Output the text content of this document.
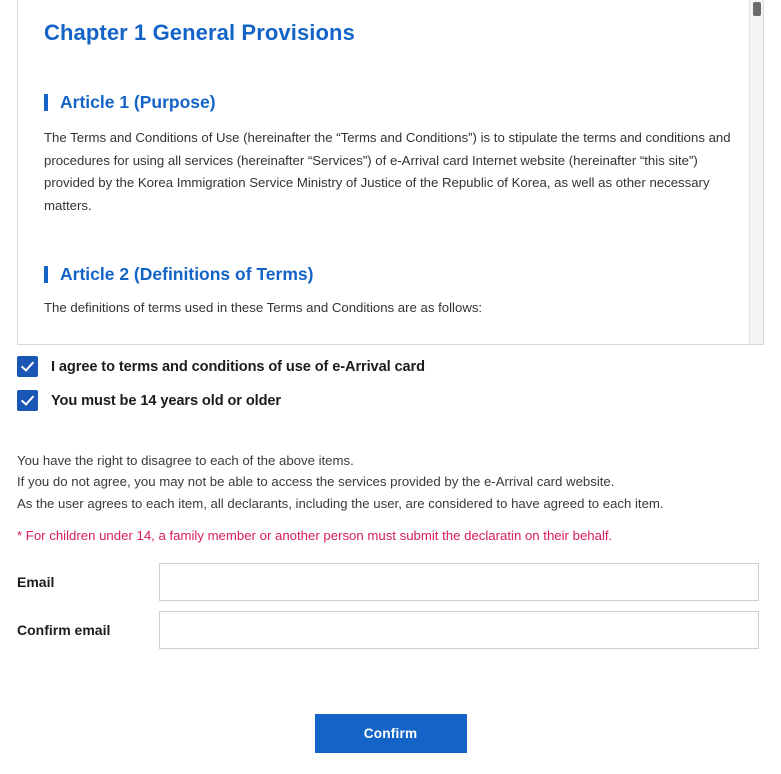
Chapter 1 General Provisions
Article 1 (Purpose)
The Terms and Conditions of Use (hereinafter the “Terms and Conditions”) is to stipulate the terms and conditions and procedures for using all services (hereinafter “Services”) of e-Arrival card Internet website (hereinafter “this site”) provided by the Korea Immigration Service Ministry of Justice of the Republic of Korea, as well as other necessary matters.
Article 2 (Definitions of Terms)
The definitions of terms used in these Terms and Conditions are as follows:
I agree to terms and conditions of use of e-Arrival card
You must be 14 years old or older
You have the right to disagree to each of the above items.
If you do not agree, you may not be able to access the services provided by the e-Arrival card website.
As the user agrees to each item, all declarants, including the user, are considered to have agreed to each item.
* For children under 14, a family member or another person must submit the declaratin on their behalf.
Email
Confirm email
Confirm
